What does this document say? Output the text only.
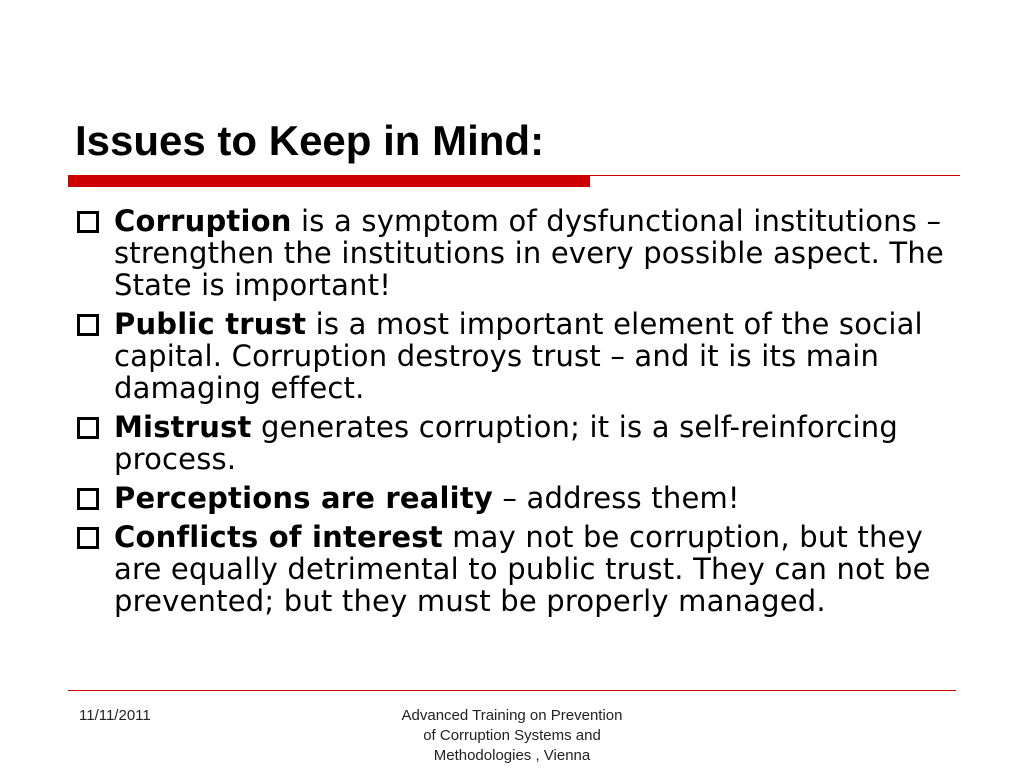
Issues to Keep in Mind:
Corruption is a symptom of dysfunctional institutions – strengthen the institutions in every possible aspect. The State is important!
Public trust is a most important element of the social capital. Corruption destroys trust – and it is its main damaging effect.
Mistrust generates corruption; it is a self-reinforcing process.
Perceptions are reality – address them!
Conflicts of interest may not be corruption, but they are equally detrimental to public trust. They can not be prevented; but they must be properly managed.
11/11/2011	Advanced Training on Prevention
of Corruption Systems and
Methodologies , Vienna
